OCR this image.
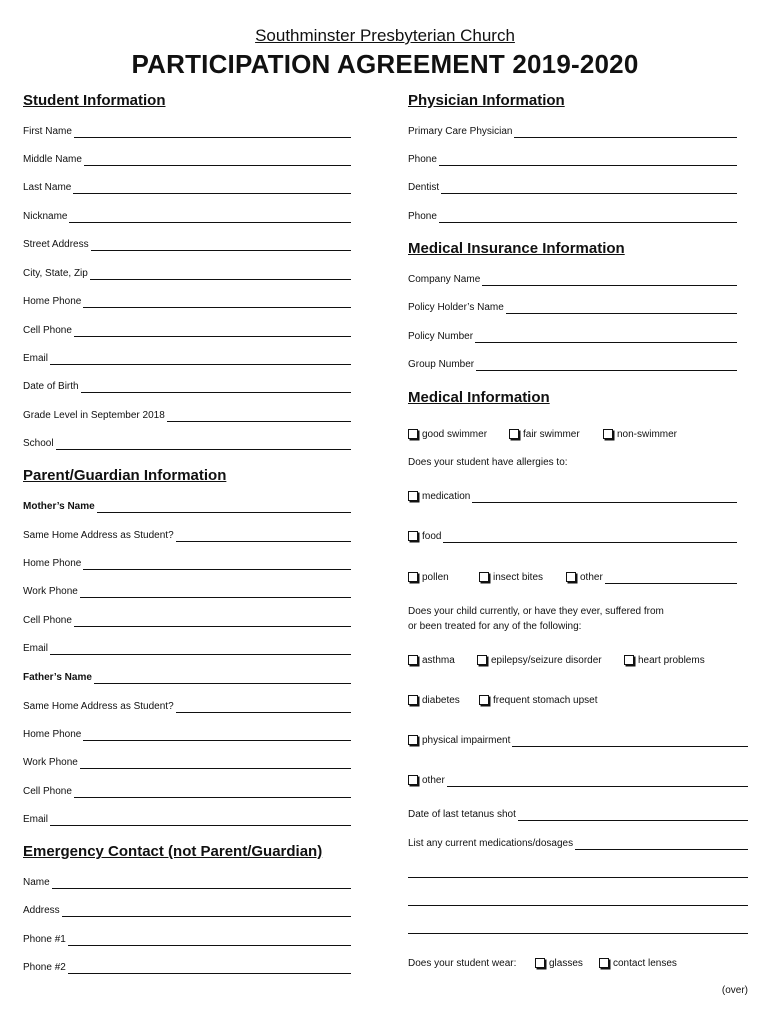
Southminster Presbyterian Church
PARTICIPATION AGREEMENT 2019-2020
Student Information
First Name
Middle Name
Last Name
Nickname
Street Address
City, State, Zip
Home Phone
Cell Phone
Email
Date of Birth
Grade Level in September 2018
School
Parent/Guardian Information
Mother’s Name
Same Home Address as Student?
Home Phone
Work Phone
Cell Phone
Email
Father’s Name
Same Home Address as Student?
Home Phone
Work Phone
Cell Phone
Email
Emergency Contact (not Parent/Guardian)
Name
Address
Phone #1
Phone #2
Physician Information
Primary Care Physician
Phone
Dentist
Phone
Medical Insurance Information
Company Name
Policy Holder’s Name
Policy Number
Group Number
Medical Information
good swimmer	fair swimmer	non-swimmer
Does your student have allergies to:
medication
food
pollen	insect bites	other
Does your child currently, or have they ever, suffered from
or been treated for any of the following:
asthma	epilepsy/seizure disorder	heart problems
diabetes	frequent stomach upset
physical impairment
other
Date of last tetanus shot
List any current medications/dosages
Does your student wear:	glasses	contact lenses
(over)
